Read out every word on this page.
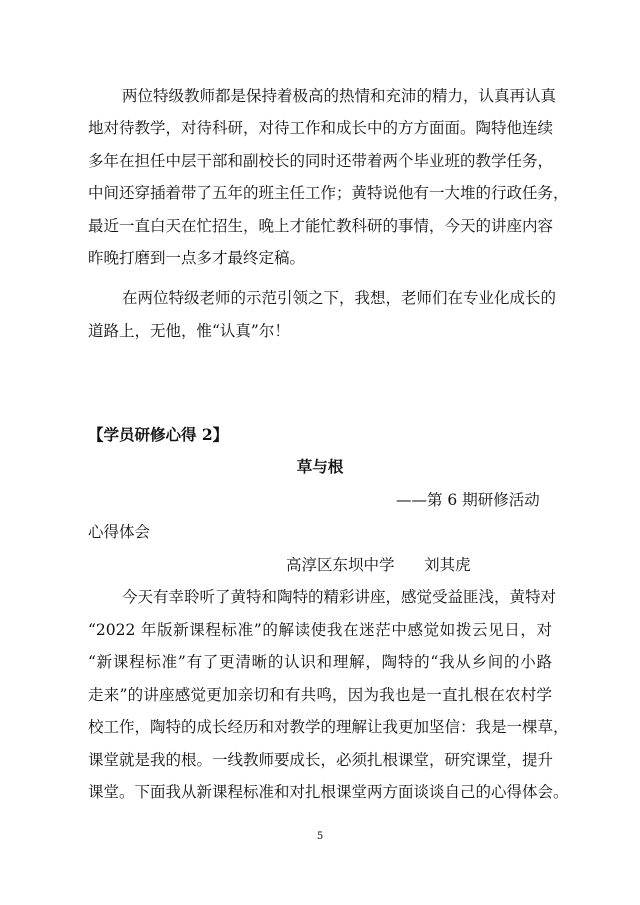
两位特级教师都是保持着极高的热情和充沛的精力，认真再认真
地对待教学，对待科研，对待工作和成长中的方方面面。陶特他连续
多年在担任中层干部和副校长的同时还带着两个毕业班的教学任务，
中间还穿插着带了五年的班主任工作；黄特说他有一大堆的行政任务，
最近一直白天在忙招生，晚上才能忙教科研的事情，今天的讲座内容
昨晚打磨到一点多才最终定稿。
在两位特级老师的示范引领之下，我想，老师们在专业化成长的
道路上，无他，惟“认真”尔！
【学员研修心得 2】
草与根
——第 6 期研修活动
心得体会
高淳区东坝中学      刘其虎
今天有幸聆听了黄特和陶特的精彩讲座，感觉受益匪浅，黄特对
“2022 年版新课程标准”的解读使我在迷茫中感觉如拨云见日，对
“新课程标准”有了更清晰的认识和理解，陶特的“我从乡间的小路
走来”的讲座感觉更加亲切和有共鸣，因为我也是一直扎根在农村学
校工作，陶特的成长经历和对教学的理解让我更加坚信：我是一棵草，
课堂就是我的根。一线教师要成长，必须扎根课堂，研究课堂，提升
课堂。下面我从新课程标准和对扎根课堂两方面谈谈自己的心得体会。
5
